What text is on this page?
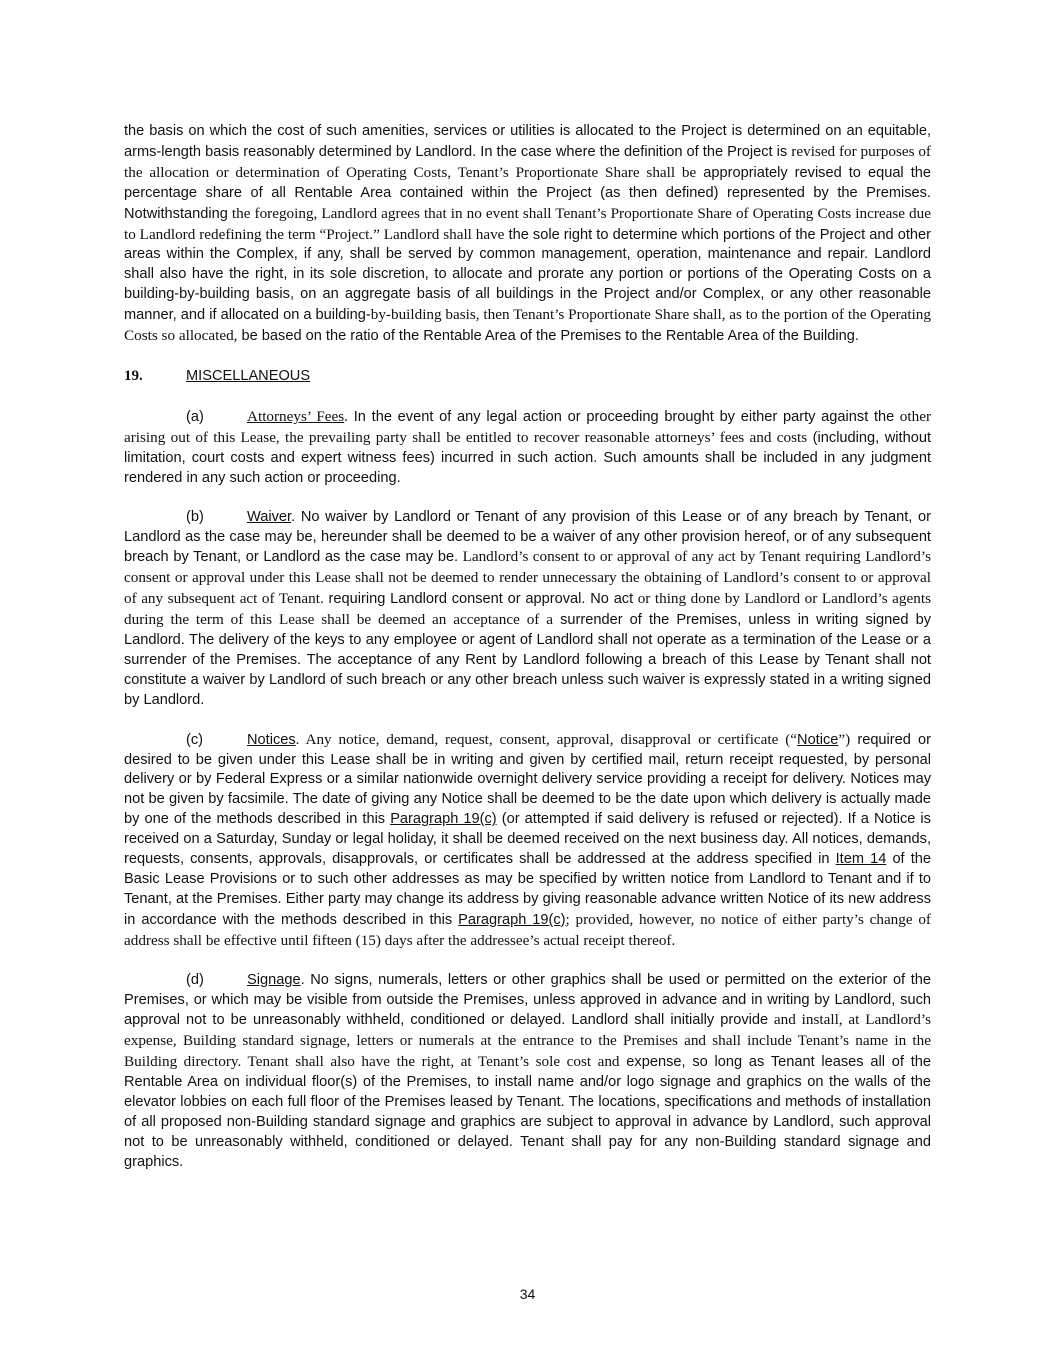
the basis on which the cost of such amenities, services or utilities is allocated to the Project is determined on an equitable, arms-length basis reasonably determined by Landlord. In the case where the definition of the Project is revised for purposes of the allocation or determination of Operating Costs, Tenant’s Proportionate Share shall be appropriately revised to equal the percentage share of all Rentable Area contained within the Project (as then defined) represented by the Premises. Notwithstanding the foregoing, Landlord agrees that in no event shall Tenant’s Proportionate Share of Operating Costs increase due to Landlord redefining the term “Project.” Landlord shall have the sole right to determine which portions of the Project and other areas within the Complex, if any, shall be served by common management, operation, maintenance and repair. Landlord shall also have the right, in its sole discretion, to allocate and prorate any portion or portions of the Operating Costs on a building-by-building basis, on an aggregate basis of all buildings in the Project and/or Complex, or any other reasonable manner, and if allocated on a building-by-building basis, then Tenant’s Proportionate Share shall, as to the portion of the Operating Costs so allocated, be based on the ratio of the Rentable Area of the Premises to the Rentable Area of the Building.

19.	MISCELLANEOUS

(a)	Attorneys’ Fees. In the event of any legal action or proceeding brought by either party against the other arising out of this Lease, the prevailing party shall be entitled to recover reasonable attorneys’ fees and costs (including, without limitation, court costs and expert witness fees) incurred in such action. Such amounts shall be included in any judgment rendered in any such action or proceeding.

(b)	Waiver. No waiver by Landlord or Tenant of any provision of this Lease or of any breach by Tenant, or Landlord as the case may be, hereunder shall be deemed to be a waiver of any other provision hereof, or of any subsequent breach by Tenant, or Landlord as the case may be. Landlord’s consent to or approval of any act by Tenant requiring Landlord’s consent or approval under this Lease shall not be deemed to render unnecessary the obtaining of Landlord’s consent to or approval of any subsequent act of Tenant. requiring Landlord consent or approval. No act or thing done by Landlord or Landlord’s agents during the term of this Lease shall be deemed an acceptance of a surrender of the Premises, unless in writing signed by Landlord. The delivery of the keys to any employee or agent of Landlord shall not operate as a termination of the Lease or a surrender of the Premises. The acceptance of any Rent by Landlord following a breach of this Lease by Tenant shall not constitute a waiver by Landlord of such breach or any other breach unless such waiver is expressly stated in a writing signed by Landlord.

(c)	Notices. Any notice, demand, request, consent, approval, disapproval or certificate (“Notice”) required or desired to be given under this Lease shall be in writing and given by certified mail, return receipt requested, by personal delivery or by Federal Express or a similar nationwide overnight delivery service providing a receipt for delivery. Notices may not be given by facsimile. The date of giving any Notice shall be deemed to be the date upon which delivery is actually made by one of the methods described in this Paragraph 19(c) (or attempted if said delivery is refused or rejected). If a Notice is received on a Saturday, Sunday or legal holiday, it shall be deemed received on the next business day. All notices, demands, requests, consents, approvals, disapprovals, or certificates shall be addressed at the address specified in Item 14 of the Basic Lease Provisions or to such other addresses as may be specified by written notice from Landlord to Tenant and if to Tenant, at the Premises. Either party may change its address by giving reasonable advance written Notice of its new address in accordance with the methods described in this Paragraph 19(c); provided, however, no notice of either party’s change of address shall be effective until fifteen (15) days after the addressee’s actual receipt thereof.

(d)	Signage. No signs, numerals, letters or other graphics shall be used or permitted on the exterior of the Premises, or which may be visible from outside the Premises, unless approved in advance and in writing by Landlord, such approval not to be unreasonably withheld, conditioned or delayed. Landlord shall initially provide and install, at Landlord’s expense, Building standard signage, letters or numerals at the entrance to the Premises and shall include Tenant’s name in the Building directory. Tenant shall also have the right, at Tenant’s sole cost and expense, so long as Tenant leases all of the Rentable Area on individual floor(s) of the Premises, to install name and/or logo signage and graphics on the walls of the elevator lobbies on each full floor of the Premises leased by Tenant. The locations, specifications and methods of installation of all proposed non-Building standard signage and graphics are subject to approval in advance by Landlord, such approval not to be unreasonably withheld, conditioned or delayed. Tenant shall pay for any non-Building standard signage and graphics.

34
